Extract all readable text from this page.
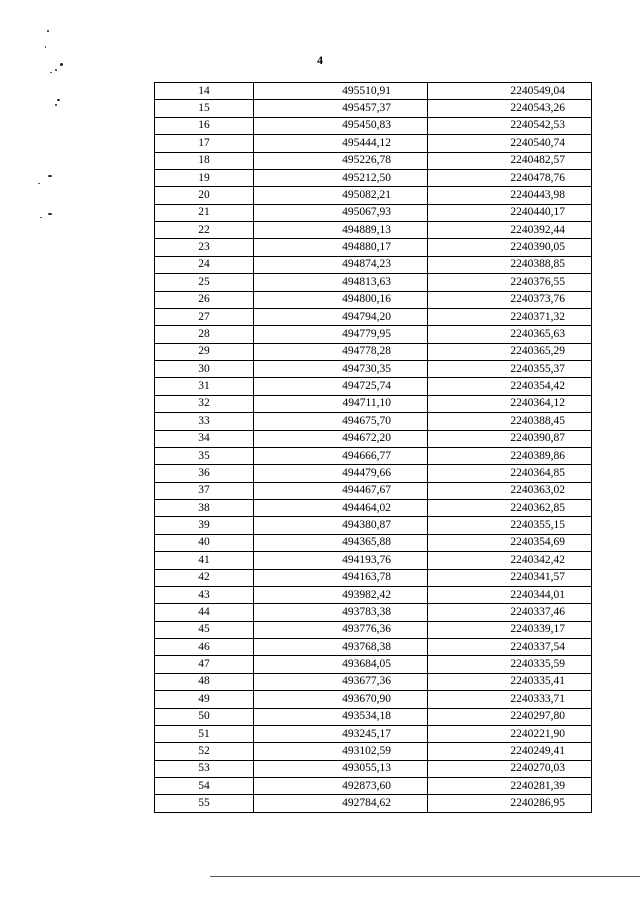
4
14	495510,91	2240549,04
15	495457,37	2240543,26
16	495450,83	2240542,53
17	495444,12	2240540,74
18	495226,78	2240482,57
19	495212,50	2240478,76
20	495082,21	2240443,98
21	495067,93	2240440,17
22	494889,13	2240392,44
23	494880,17	2240390,05
24	494874,23	2240388,85
25	494813,63	2240376,55
26	494800,16	2240373,76
27	494794,20	2240371,32
28	494779,95	2240365,63
29	494778,28	2240365,29
30	494730,35	2240355,37
31	494725,74	2240354,42
32	494711,10	2240364,12
33	494675,70	2240388,45
34	494672,20	2240390,87
35	494666,77	2240389,86
36	494479,66	2240364,85
37	494467,67	2240363,02
38	494464,02	2240362,85
39	494380,87	2240355,15
40	494365,88	2240354,69
41	494193,76	2240342,42
42	494163,78	2240341,57
43	493982,42	2240344,01
44	493783,38	2240337,46
45	493776,36	2240339,17
46	493768,38	2240337,54
47	493684,05	2240335,59
48	493677,36	2240335,41
49	493670,90	2240333,71
50	493534,18	2240297,80
51	493245,17	2240221,90
52	493102,59	2240249,41
53	493055,13	2240270,03
54	492873,60	2240281,39
55	492784,62	2240286,95
